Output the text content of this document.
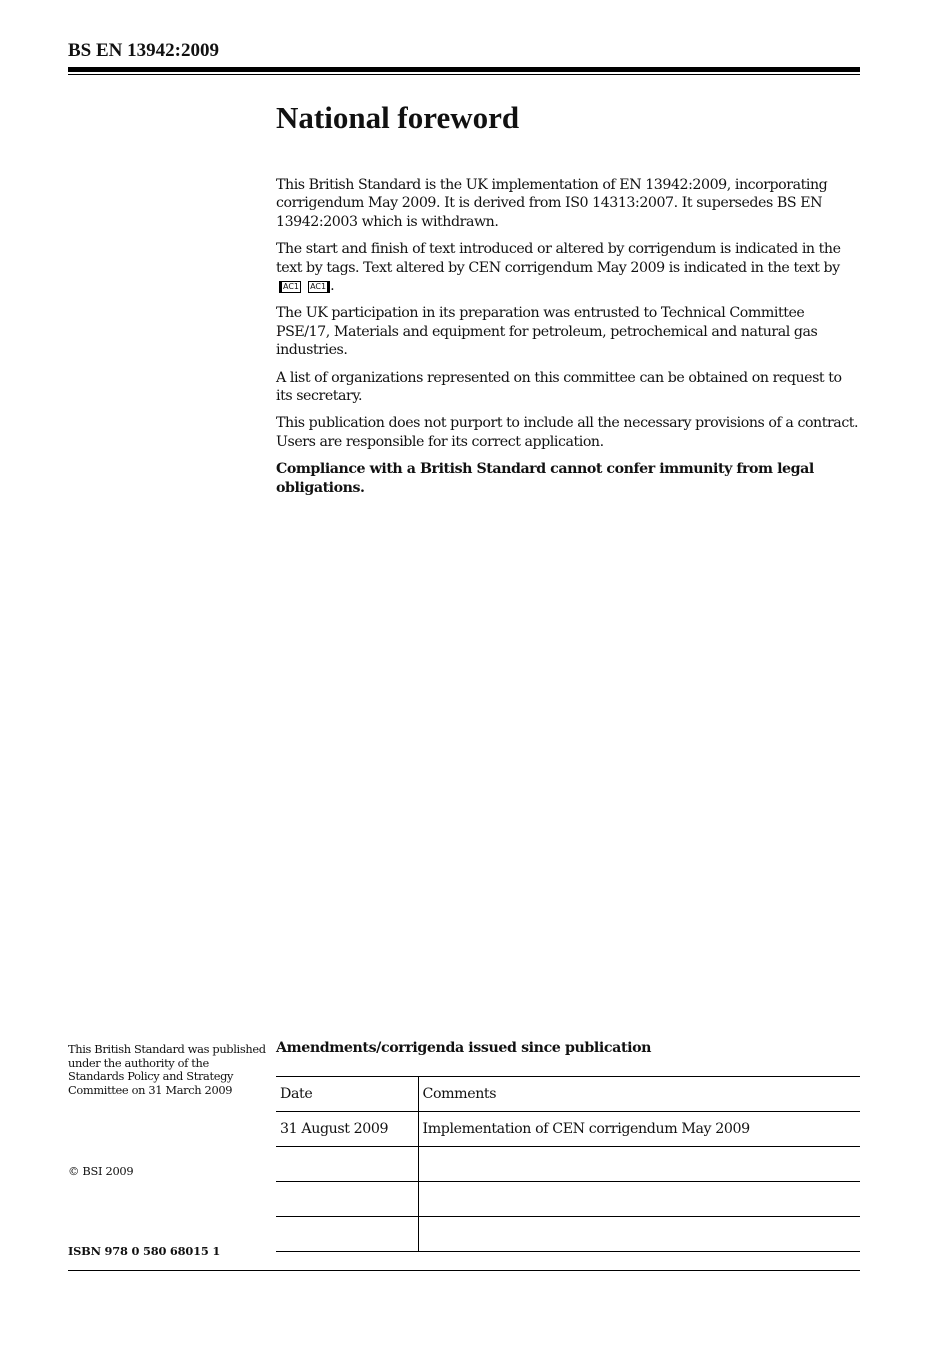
BS EN 13942:2009
National foreword

This British Standard is the UK implementation of EN 13942:2009, incorporating corrigendum May 2009. It is derived from IS0 14313:2007. It supersedes BS EN 13942:2003 which is withdrawn.

The start and finish of text introduced or altered by corrigendum is indicated in the text by tags. Text altered by CEN corrigendum May 2009 is indicated in the text by AC1 AC1 .

The UK participation in its preparation was entrusted to Technical Committee PSE/17, Materials and equipment for petroleum, petrochemical and natural gas industries.

A list of organizations represented on this committee can be obtained on request to its secretary.

This publication does not purport to include all the necessary provisions of a contract. Users are responsible for its correct application.

Compliance with a British Standard cannot confer immunity from legal obligations.

This British Standard was published under the authority of the Standards Policy and Strategy Committee on 31 March 2009
© BSI 2009
ISBN 978 0 580 68015 1
Amendments/corrigenda issued since publication
Date	Comments
31 August 2009	Implementation of CEN corrigendum May 2009
